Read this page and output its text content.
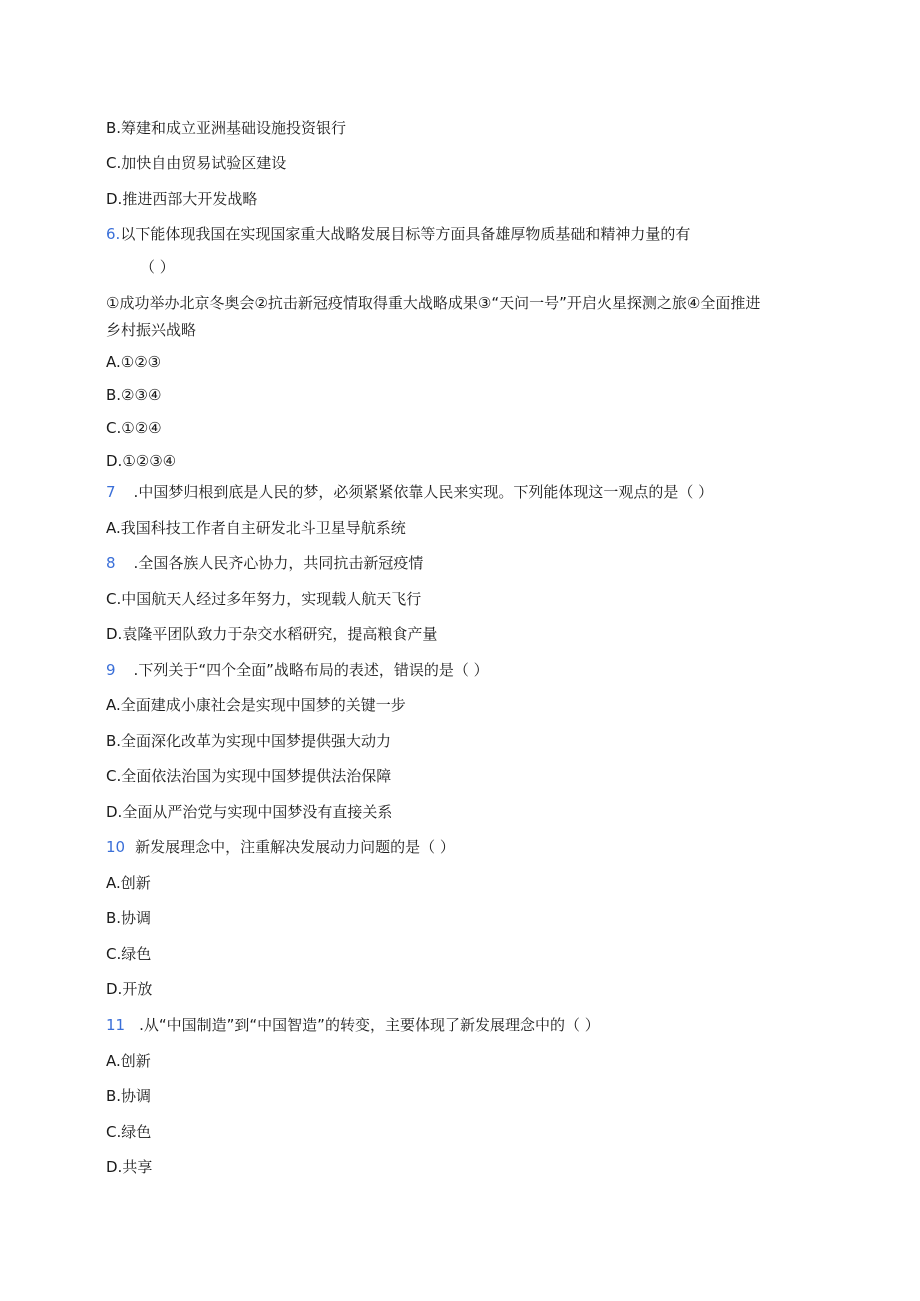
B.筹建和成立亚洲基础设施投资银行
C.加快自由贸易试验区建设
D.推进西部大开发战略
6.以下能体现我国在实现国家重大战略发展目标等方面具备雄厚物质基础和精神力量的有
（ ）
①成功举办北京冬奥会②抗击新冠疫情取得重大战略成果③“天问一号”开启火星探测之旅④全面推进
乡村振兴战略
A.①②③
B.②③④
C.①②④
D.①②③④
7 .中国梦归根到底是人民的梦，必须紧紧依靠人民来实现。下列能体现这一观点的是（ ）
A.我国科技工作者自主研发北斗卫星导航系统
8 .全国各族人民齐心协力，共同抗击新冠疫情
C.中国航天人经过多年努力，实现载人航天飞行
D.袁隆平团队致力于杂交水稻研究，提高粮食产量
9 .下列关于“四个全面”战略布局的表述，错误的是（ ）
A.全面建成小康社会是实现中国梦的关键一步
B.全面深化改革为实现中国梦提供强大动力
C.全面依法治国为实现中国梦提供法治保障
D.全面从严治党与实现中国梦没有直接关系
10 新发展理念中，注重解决发展动力问题的是（ ）
A.创新
B.协调
C.绿色
D.开放
11 .从“中国制造”到“中国智造”的转变，主要体现了新发展理念中的（ ）
A.创新
B.协调
C.绿色
D.共享
